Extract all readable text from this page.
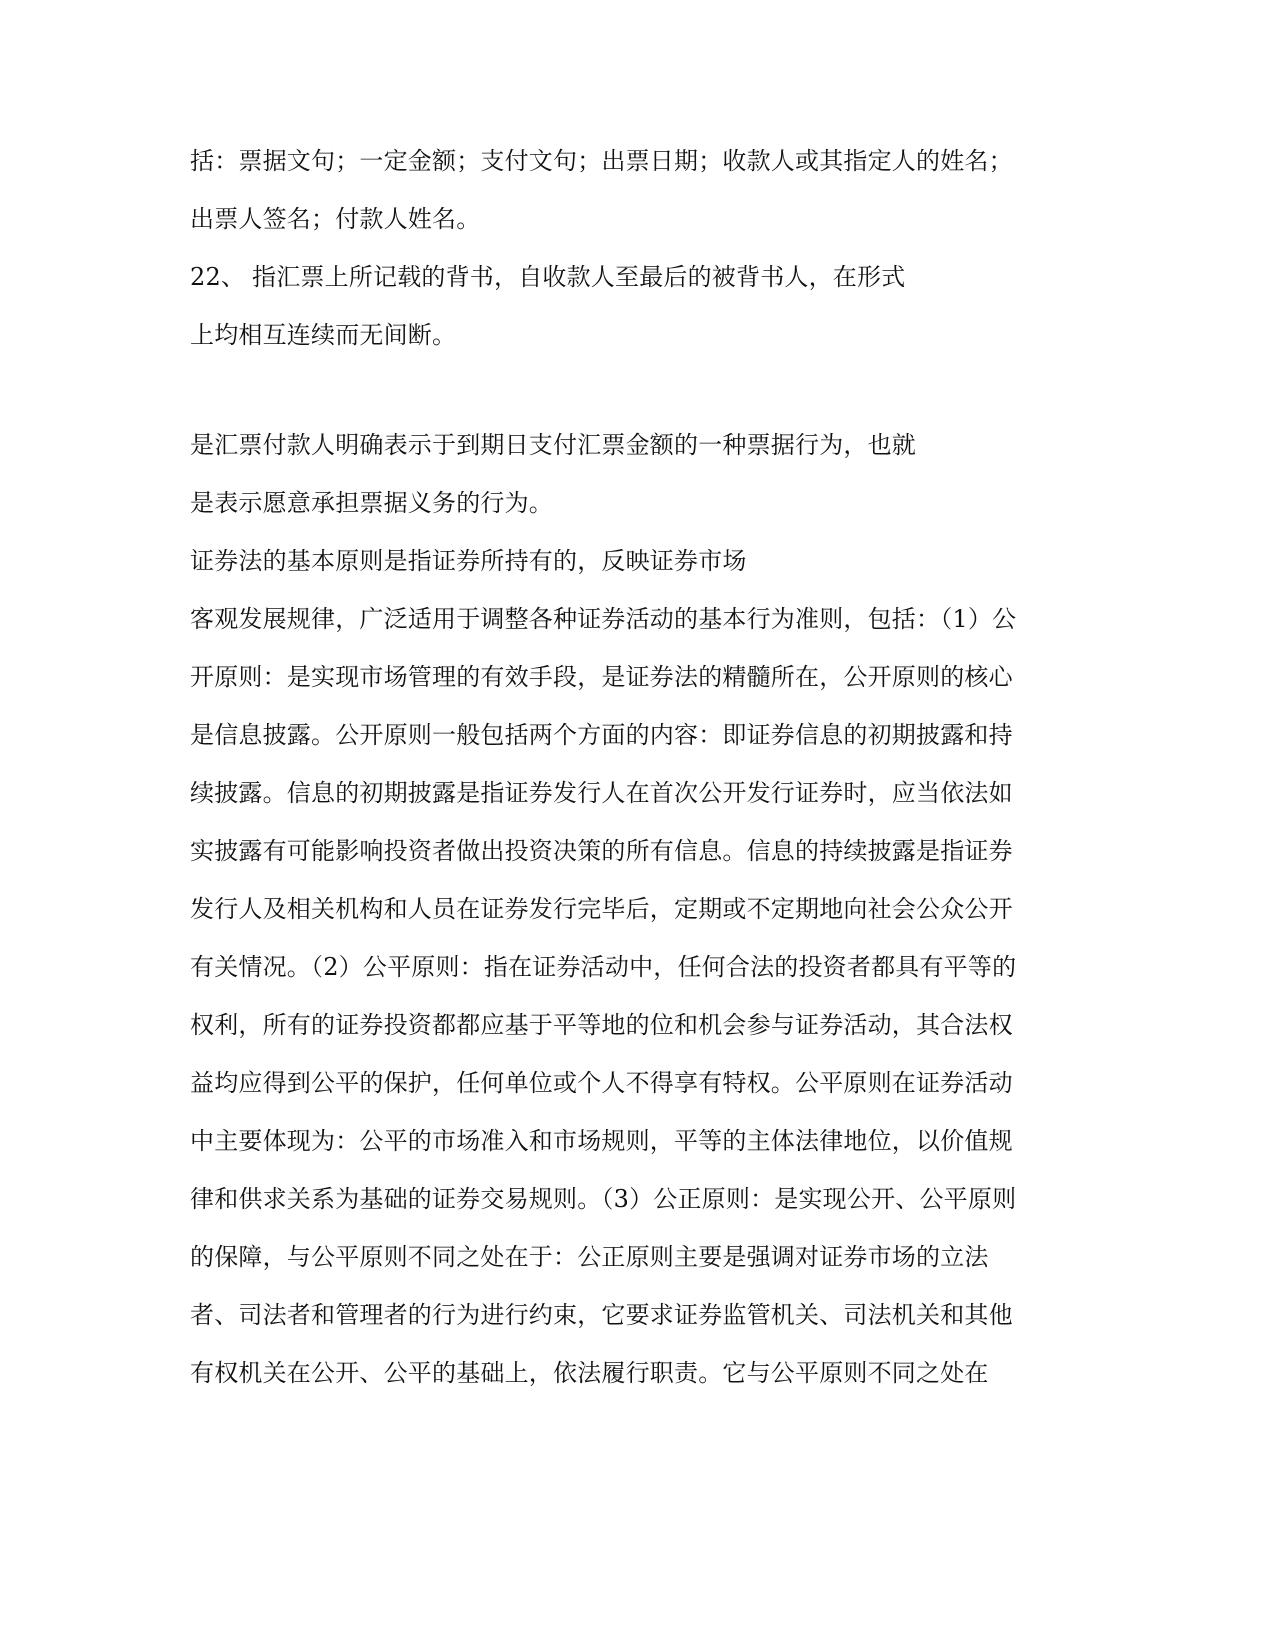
括：票据文句；一定金额；支付文句；出票日期；收款人或其指定人的姓名；
出票人签名；付款人姓名。
22、 指汇票上所记载的背书，自收款人至最后的被背书人，在形式
上均相互连续而无间断。
是汇票付款人明确表示于到期日支付汇票金额的一种票据行为，也就
是表示愿意承担票据义务的行为。
证券法的基本原则是指证券所持有的，反映证券市场
客观发展规律，广泛适用于调整各种证券活动的基本行为准则，包括：（1）公
开原则：是实现市场管理的有效手段，是证券法的精髓所在，公开原则的核心
是信息披露。公开原则一般包括两个方面的内容：即证券信息的初期披露和持
续披露。信息的初期披露是指证券发行人在首次公开发行证券时，应当依法如
实披露有可能影响投资者做出投资决策的所有信息。信息的持续披露是指证券
发行人及相关机构和人员在证券发行完毕后，定期或不定期地向社会公众公开
有关情况。（2）公平原则：指在证券活动中，任何合法的投资者都具有平等的
权利，所有的证券投资都都应基于平等地的位和机会参与证券活动，其合法权
益均应得到公平的保护，任何单位或个人不得享有特权。公平原则在证券活动
中主要体现为：公平的市场准入和市场规则，平等的主体法律地位，以价值规
律和供求关系为基础的证券交易规则。（3）公正原则：是实现公开、公平原则
的保障，与公平原则不同之处在于：公正原则主要是强调对证券市场的立法
者、司法者和管理者的行为进行约束，它要求证券监管机关、司法机关和其他
有权机关在公开、公平的基础上，依法履行职责。它与公平原则不同之处在
